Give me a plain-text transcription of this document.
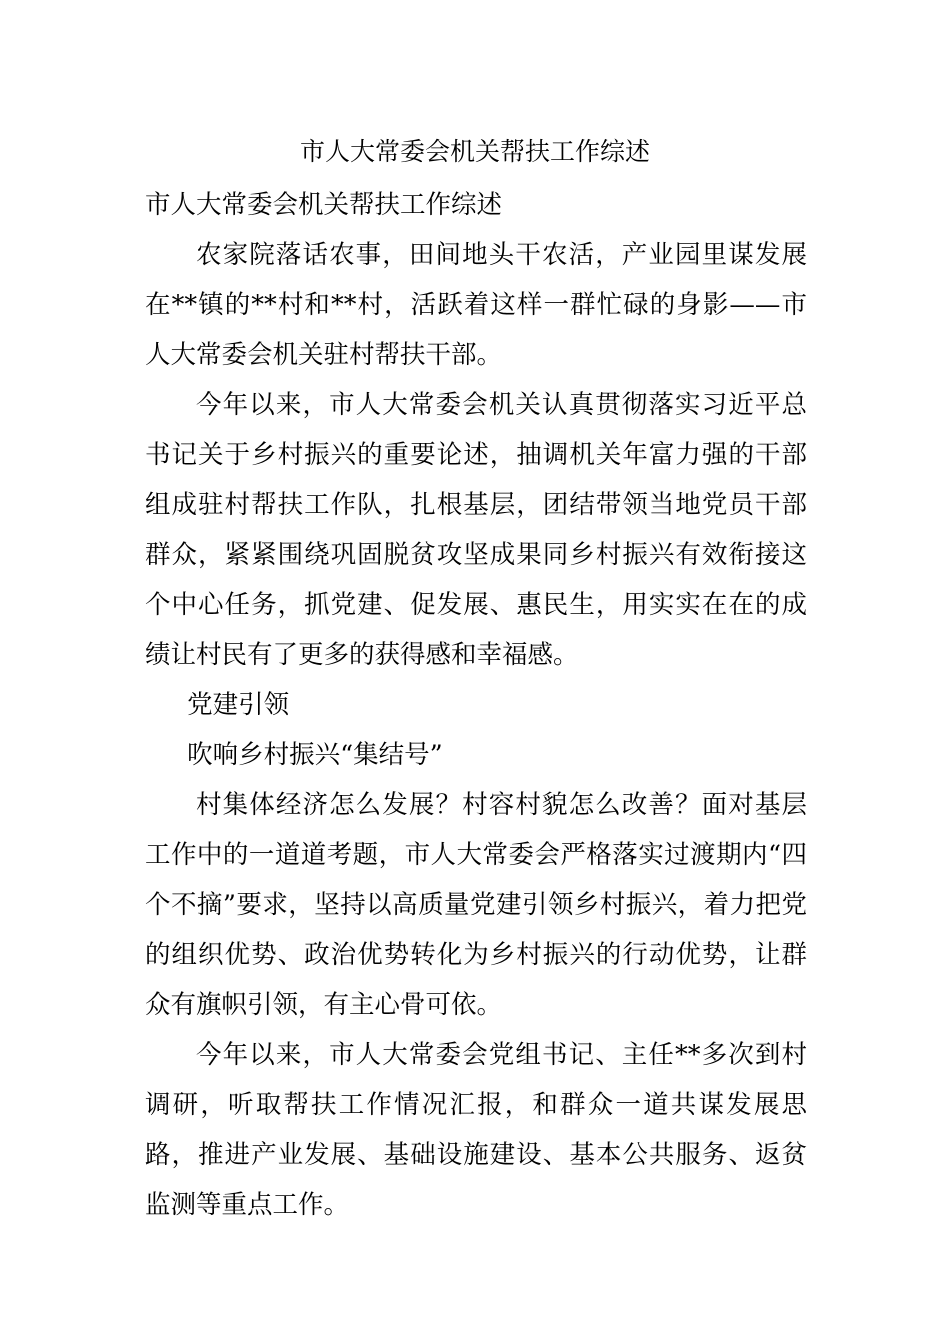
市人大常委会机关帮扶工作综述

市人大常委会机关帮扶工作综述

农家院落话农事，田间地头干农活，产业园里谋发展在**镇的**村和**村，活跃着这样一群忙碌的身影——市人大常委会机关驻村帮扶干部。

今年以来，市人大常委会机关认真贯彻落实习近平总书记关于乡村振兴的重要论述，抽调机关年富力强的干部组成驻村帮扶工作队，扎根基层，团结带领当地党员干部群众，紧紧围绕巩固脱贫攻坚成果同乡村振兴有效衔接这个中心任务，抓党建、促发展、惠民生，用实实在在的成绩让村民有了更多的获得感和幸福感。

党建引领

吹响乡村振兴“集结号”

村集体经济怎么发展？村容村貌怎么改善？面对基层工作中的一道道考题，市人大常委会严格落实过渡期内“四个不摘”要求，坚持以高质量党建引领乡村振兴，着力把党的组织优势、政治优势转化为乡村振兴的行动优势，让群众有旗帜引领，有主心骨可依。

今年以来，市人大常委会党组书记、主任**多次到村调研，听取帮扶工作情况汇报，和群众一道共谋发展思路，推进产业发展、基础设施建设、基本公共服务、返贫监测等重点工作。
